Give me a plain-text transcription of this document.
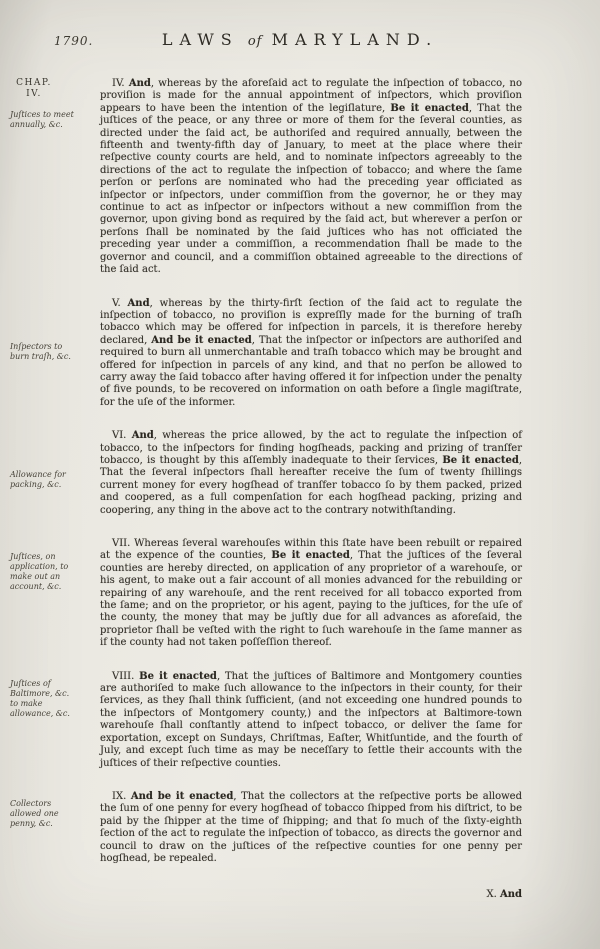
1790.	LAWS of MARYLAND.
CHAP. IV.
Juſtices to meet annually, &c.

IV. And, whereas by the aforeſaid act to regulate the inſpection of tobacco, no proviſion is made for the annual appointment of inſpectors, which proviſion appears to have been the intention of the legiſlature, Be it enacted, That the juſtices of the peace, or any three or more of them for the ſeveral counties, as directed under the ſaid act, be authoriſed and required annually, between the fifteenth and twenty-fifth day of January, to meet at the place where their reſpective county courts are held, and to nominate inſpectors agreeably to the directions of the act to regulate the inſpection of tobacco; and where the ſame perſon or perſons are nominated who had the preceding year officiated as inſpector or inſpectors, under commiſſion from the governor, he or they may continue to act as inſpector or inſpectors without a new commiſſion from the governor, upon giving bond as required by the ſaid act, but wherever a perſon or perſons ſhall be nominated by the ſaid juſtices who has not officiated the preceding year under a commiſſion, a recommendation ſhall be made to the governor and council, and a commiſſion obtained agreeable to the directions of the ſaid act.

Inſpectors to burn traſh, &c.

V. And, whereas by the thirty-firſt ſection of the ſaid act to regulate the inſpection of tobacco, no proviſion is expreſſly made for the burning of traſh tobacco which may be offered for inſpection in parcels, it is therefore hereby declared, And be it enacted, That the inſpector or inſpectors are authoriſed and required to burn all unmerchantable and traſh tobacco which may be brought and offered for inſpection in parcels of any kind, and that no perſon be allowed to carry away the ſaid tobacco after having offered it for inſpection under the penalty of five pounds, to be recovered on information on oath before a ſingle magiſtrate, for the uſe of the informer.

Allowance for packing, &c.

VI. And, whereas the price allowed, by the act to regulate the inſpection of tobacco, to the inſpectors for finding hogſheads, packing and prizing of tranſfer tobacco, is thought by this aſſembly inadequate to their ſervices, Be it enacted, That the ſeveral inſpectors ſhall hereafter receive the ſum of twenty ſhillings current money for every hogſhead of tranſfer tobacco ſo by them packed, prized and coopered, as a full compenſation for each hogſhead packing, prizing and coopering, any thing in the above act to the contrary notwithſtanding.

Juſtices, on application, to make out an account, &c.

VII. Whereas ſeveral warehouſes within this ſtate have been rebuilt or repaired at the expence of the counties, Be it enacted, That the juſtices of the ſeveral counties are hereby directed, on application of any proprietor of a warehouſe, or his agent, to make out a fair account of all monies advanced for the rebuilding or repairing of any warehouſe, and the rent received for all tobacco exported from the ſame; and on the proprietor, or his agent, paying to the juſtices, for the uſe of the county, the money that may be juſtly due for all advances as aforeſaid, the proprietor ſhall be veſted with the right to ſuch warehouſe in the ſame manner as if the county had not taken poſſeſſion thereof.

Juſtices of Baltimore, &c. to make allowance, &c.

VIII. Be it enacted, That the juſtices of Baltimore and Montgomery counties are authoriſed to make ſuch allowance to the inſpectors in their county, for their ſervices, as they ſhall think ſufficient, (and not exceeding one hundred pounds to the inſpectors of Montgomery county,) and the inſpectors at Baltimore-town warehouſe ſhall conſtantly attend to inſpect tobacco, or deliver the ſame for exportation, except on Sundays, Chriſtmas, Eaſter, Whitſuntide, and the fourth of July, and except ſuch time as may be neceſſary to ſettle their accounts with the juſtices of their reſpective counties.

Collectors allowed one penny, &c.

IX. And be it enacted, That the collectors at the reſpective ports be allowed the ſum of one penny for every hogſhead of tobacco ſhipped from his diſtrict, to be paid by the ſhipper at the time of ſhipping; and that ſo much of the ſixty-eighth ſection of the act to regulate the inſpection of tobacco, as directs the governor and council to draw on the juſtices of the reſpective counties for one penny per hogſhead, be repealed.

X. And
